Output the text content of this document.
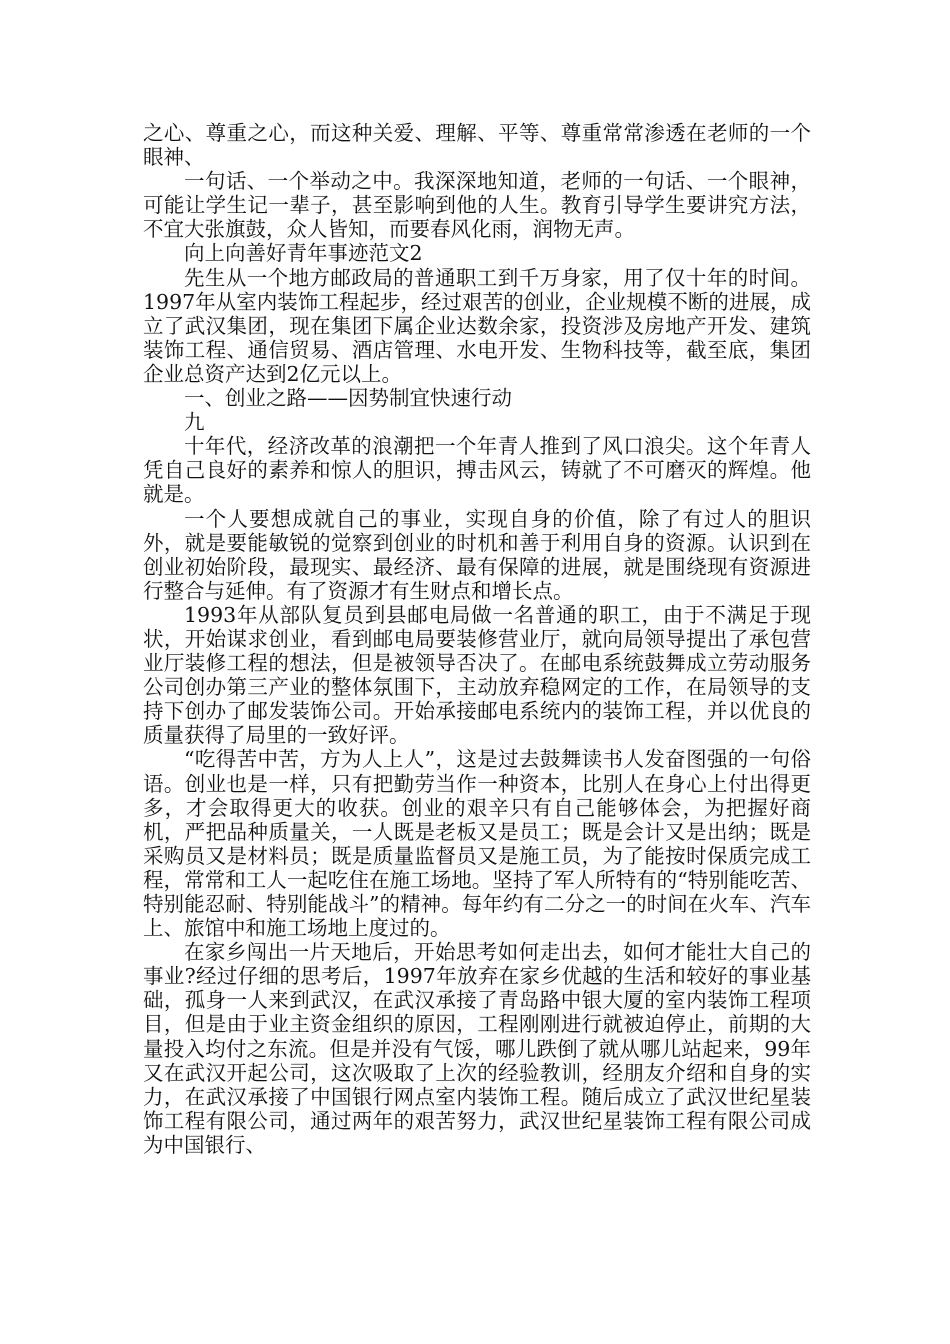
之心、尊重之心，而这种关爱、理解、平等、尊重常常渗透在老师的一个眼神、

一句话、一个举动之中。我深深地知道，老师的一句话、一个眼神，可能让学生记一辈子，甚至影响到他的人生。教育引导学生要讲究方法，不宜大张旗鼓，众人皆知，而要春风化雨，润物无声。

向上向善好青年事迹范文2

先生从一个地方邮政局的普通职工到千万身家，用了仅十年的时间。1997年从室内装饰工程起步，经过艰苦的创业，企业规模不断的进展，成立了武汉集团，现在集团下属企业达数余家，投资涉及房地产开发、建筑装饰工程、通信贸易、酒店管理、水电开发、生物科技等，截至底，集团企业总资产达到2亿元以上。

一、创业之路——因势制宜快速行动

九

十年代，经济改革的浪潮把一个年青人推到了风口浪尖。这个年青人凭自己良好的素养和惊人的胆识，搏击风云，铸就了不可磨灭的辉煌。他就是。

一个人要想成就自己的事业，实现自身的价值，除了有过人的胆识外，就是要能敏锐的觉察到创业的时机和善于利用自身的资源。认识到在创业初始阶段，最现实、最经济、最有保障的进展，就是围绕现有资源进行整合与延伸。有了资源才有生财点和增长点。

1993年从部队复员到县邮电局做一名普通的职工，由于不满足于现状，开始谋求创业，看到邮电局要装修营业厅，就向局领导提出了承包营业厅装修工程的想法，但是被领导否决了。在邮电系统鼓舞成立劳动服务公司创办第三产业的整体氛围下，主动放弃稳网定的工作，在局领导的支持下创办了邮发装饰公司。开始承接邮电系统内的装饰工程，并以优良的质量获得了局里的一致好评。

“吃得苦中苦，方为人上人”，这是过去鼓舞读书人发奋图强的一句俗语。创业也是一样，只有把勤劳当作一种资本，比别人在身心上付出得更多，才会取得更大的收获。创业的艰辛只有自己能够体会，为把握好商机，严把品种质量关，一人既是老板又是员工；既是会计又是出纳；既是采购员又是材料员；既是质量监督员又是施工员，为了能按时保质完成工程，常常和工人一起吃住在施工场地。坚持了军人所特有的“特别能吃苦、特别能忍耐、特别能战斗”的精神。每年约有二分之一的时间在火车、汽车上、旅馆中和施工场地上度过的。

在家乡闯出一片天地后，开始思考如何走出去，如何才能壮大自己的事业?经过仔细的思考后，1997年放弃在家乡优越的生活和较好的事业基础，孤身一人来到武汉，在武汉承接了青岛路中银大厦的室内装饰工程项目，但是由于业主资金组织的原因，工程刚刚进行就被迫停止，前期的大量投入均付之东流。但是并没有气馁，哪儿跌倒了就从哪儿站起来，99年又在武汉开起公司，这次吸取了上次的经验教训，经朋友介绍和自身的实力，在武汉承接了中国银行网点室内装饰工程。随后成立了武汉世纪星装饰工程有限公司，通过两年的艰苦努力，武汉世纪星装饰工程有限公司成为中国银行、
